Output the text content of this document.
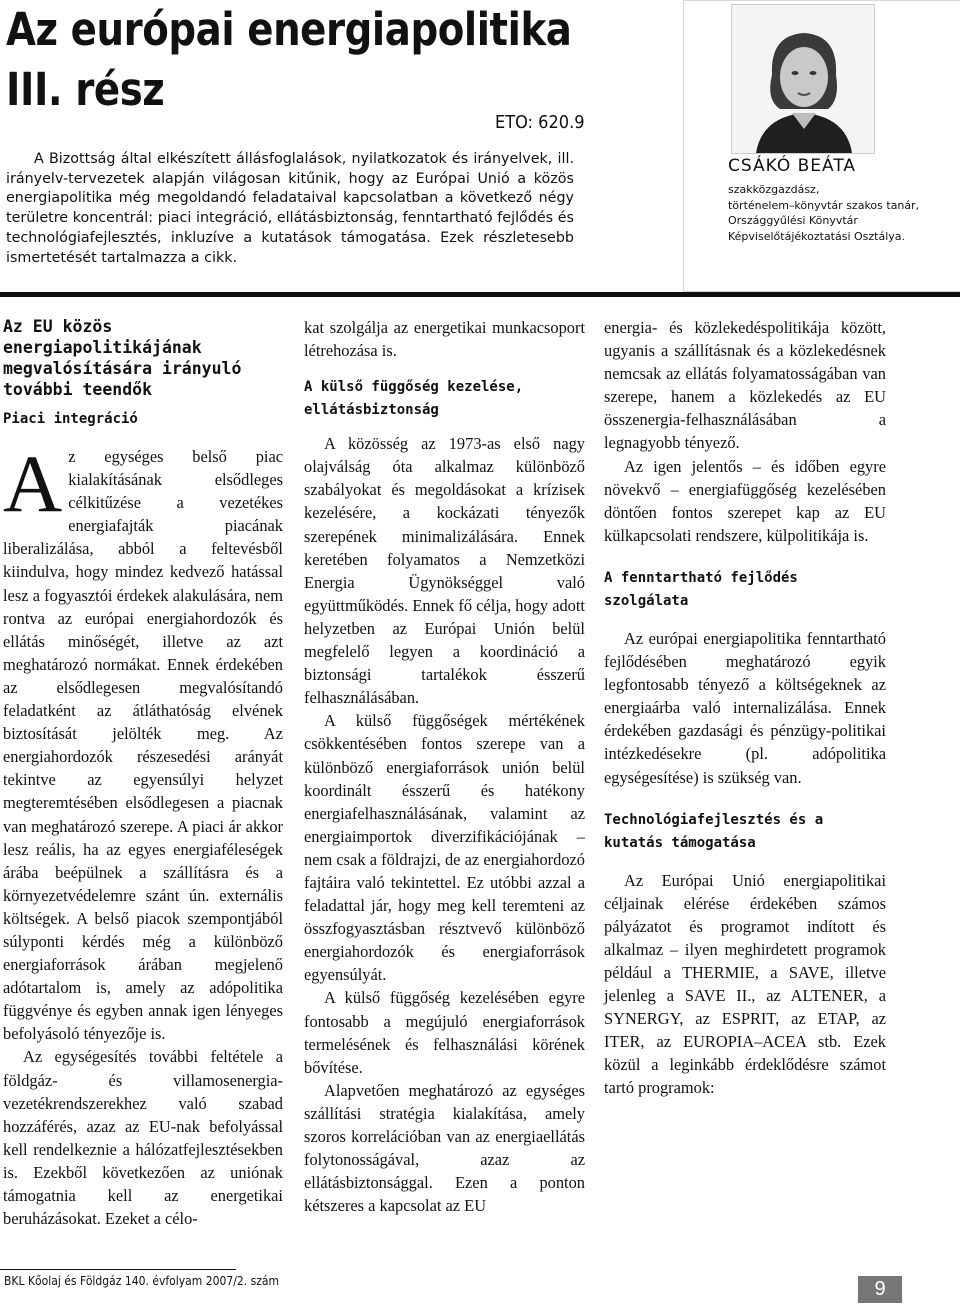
Az európai energiapolitika
III. rész
ETO: 620.9

A Bizottság által elkészített állásfoglalások, nyilatkozatok és irányelvek, ill. irányelv-tervezetek alapján világosan kitűnik, hogy az Európai Unió a közös energiapolitika még megoldandó feladataival kapcsolatban a következő négy területre koncentrál: piaci integráció, ellátásbiztonság, fenntartható fejlődés és technológiafejlesztés, inkluzíve a kutatások támogatása. Ezek részletesebb ismertetését tartalmazza a cikk.

CSÁKÓ BEÁTA

szakközgazdász,
történelem–könyvtár szakos tanár,
Országgyűlési Könyvtár
Képviselőtájékoztatási Osztálya.

Az EU közös energiapolitikájának megvalósítására irányuló további teendők

Piaci integráció

Az egységes belső piac kialakításának elsődleges célkitűzése a vezetékes energiafajták piacának liberalizálása, abból a feltevésből kiindulva, hogy mindez kedvező hatással lesz a fogyasztói érdekek alakulására, nem rontva az európai energiahordozók és ellátás minőségét, illetve az azt meghatározó normákat. Ennek érdekében az elsődlegesen megvalósítandó feladatként az átláthatóság elvének biztosítását jelölték meg. Az energiahordozók részesedési arányát tekintve az egyensúlyi helyzet megteremtésében elsődlegesen a piacnak van meghatározó szerepe. A piaci ár akkor lesz reális, ha az egyes energiaféleségek árába beépülnek a szállításra és a környezetvédelemre szánt ún. externális költségek. A belső piacok szempontjából súlyponti kérdés még a különböző energiaforrások árában megjelenő adótartalom is, amely az adópolitika függvénye és egyben annak igen lényeges befolyásoló tényezője is.

Az egységesítés további feltétele a földgáz- és villamosenergia-vezetékrendszerekhez való szabad hozzáférés, azaz az EU-nak befolyással kell rendelkeznie a hálózatfejlesztésekben is. Ezekből következően az uniónak támogatnia kell az energetikai beruházásokat. Ezeket a célo-

kat szolgálja az energetikai munkacsoport létrehozása is.

A külső függőség kezelése, ellátásbiztonság

A közösség az 1973-as első nagy olajválság óta alkalmaz különböző szabályokat és megoldásokat a krízisek kezelésére, a kockázati tényezők szerepének minimalizálására. Ennek keretében folyamatos a Nemzetközi Energia Ügynökséggel való együttműködés. Ennek fő célja, hogy adott helyzetben az Európai Unión belül megfelelő legyen a koordináció a biztonsági tartalékok ésszerű felhasználásában.

A külső függőségek mértékének csökkentésében fontos szerepe van a különböző energiaforrások unión belül koordinált ésszerű és hatékony energiafelhasználásának, valamint az energiaimportok diverzifikációjának – nem csak a földrajzi, de az energiahordozó fajtáira való tekintettel. Ez utóbbi azzal a feladattal jár, hogy meg kell teremteni az összfogyasztásban résztvevő különböző energiahordozók és energiaforrások egyensúlyát.

A külső függőség kezelésében egyre fontosabb a megújuló energiaforrások termelésének és felhasználási körének bővítése.

Alapvetően meghatározó az egységes szállítási stratégia kialakítása, amely szoros korrelációban van az energiaellátás folytonosságával, azaz az ellátásbiztonsággal. Ezen a ponton kétszeres a kapcsolat az EU

energia- és közlekedéspolitikája között, ugyanis a szállításnak és a közlekedésnek nemcsak az ellátás folyamatosságában van szerepe, hanem a közlekedés az EU összenergia-felhasználásában a legnagyobb tényező.

Az igen jelentős – és időben egyre növekvő – energiafüggőség kezelésében döntően fontos szerepet kap az EU külkapcsolati rendszere, külpolitikája is.

A fenntartható fejlődés szolgálata

Az európai energiapolitika fenntartható fejlődésében meghatározó egyik legfontosabb tényező a költségeknek az energiaárba való internalizálása. Ennek érdekében gazdasági és pénzügy-politikai intézkedésekre (pl. adópolitika egységesítése) is szükség van.

Technológiafejlesztés és a kutatás támogatása

Az Európai Unió energiapolitikai céljainak elérése érdekében számos pályázatot és programot indított és alkalmaz – ilyen meghirdetett programok például a THERMIE, a SAVE, illetve jelenleg a SAVE II., az ALTENER, a SYNERGY, az ESPRIT, az ETAP, az ITER, az EUROPIA–ACEA stb. Ezek közül a leginkább érdeklődésre számot tartó programok:

BKL Kőolaj és Földgáz 140. évfolyam 2007/2. szám	9
